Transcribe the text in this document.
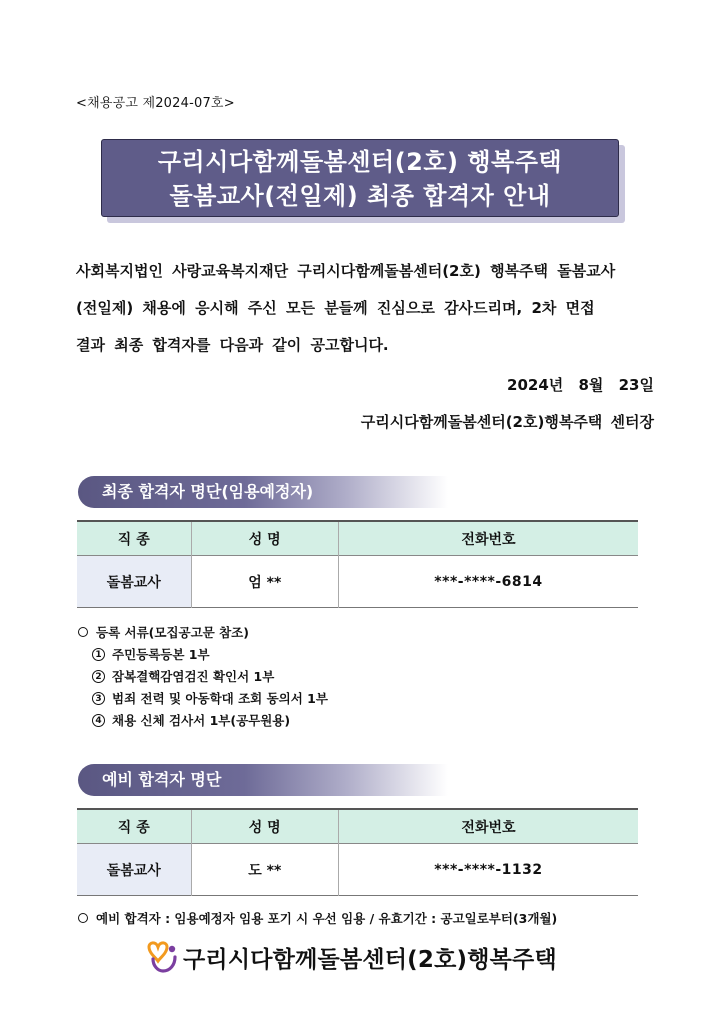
<채용공고 제2024-07호>
구리시다함께돌봄센터(2호) 행복주택
돌봄교사(전일제) 최종 합격자 안내
사회복지법인 사랑교육복지재단 구리시다함께돌봄센터(2호) 행복주택 돌봄교사
(전일제) 채용에 응시해 주신 모든 분들께 진심으로 감사드리며, 2차 면접
결과 최종 합격자를 다음과 같이 공고합니다.
2024년 8월 23일
구리시다함께돌봄센터(2호)행복주택 센터장
최종 합격자 명단(임용예정자)
직 종	성 명	전화번호
돌봄교사	엄 **	***-****-6814
등록 서류(모집공고문 참조)
1 주민등록등본 1부
2 잠복결핵감염검진 확인서 1부
3 범죄 전력 및 아동학대 조회 동의서 1부
4 채용 신체 검사서 1부(공무원용)
예비 합격자 명단
직 종	성 명	전화번호
돌봄교사	도 **	***-****-1132
예비 합격자 : 임용예정자 임용 포기 시 우선 임용 / 유효기간 : 공고일로부터(3개월)
구리시다함께돌봄센터(2호)행복주택
